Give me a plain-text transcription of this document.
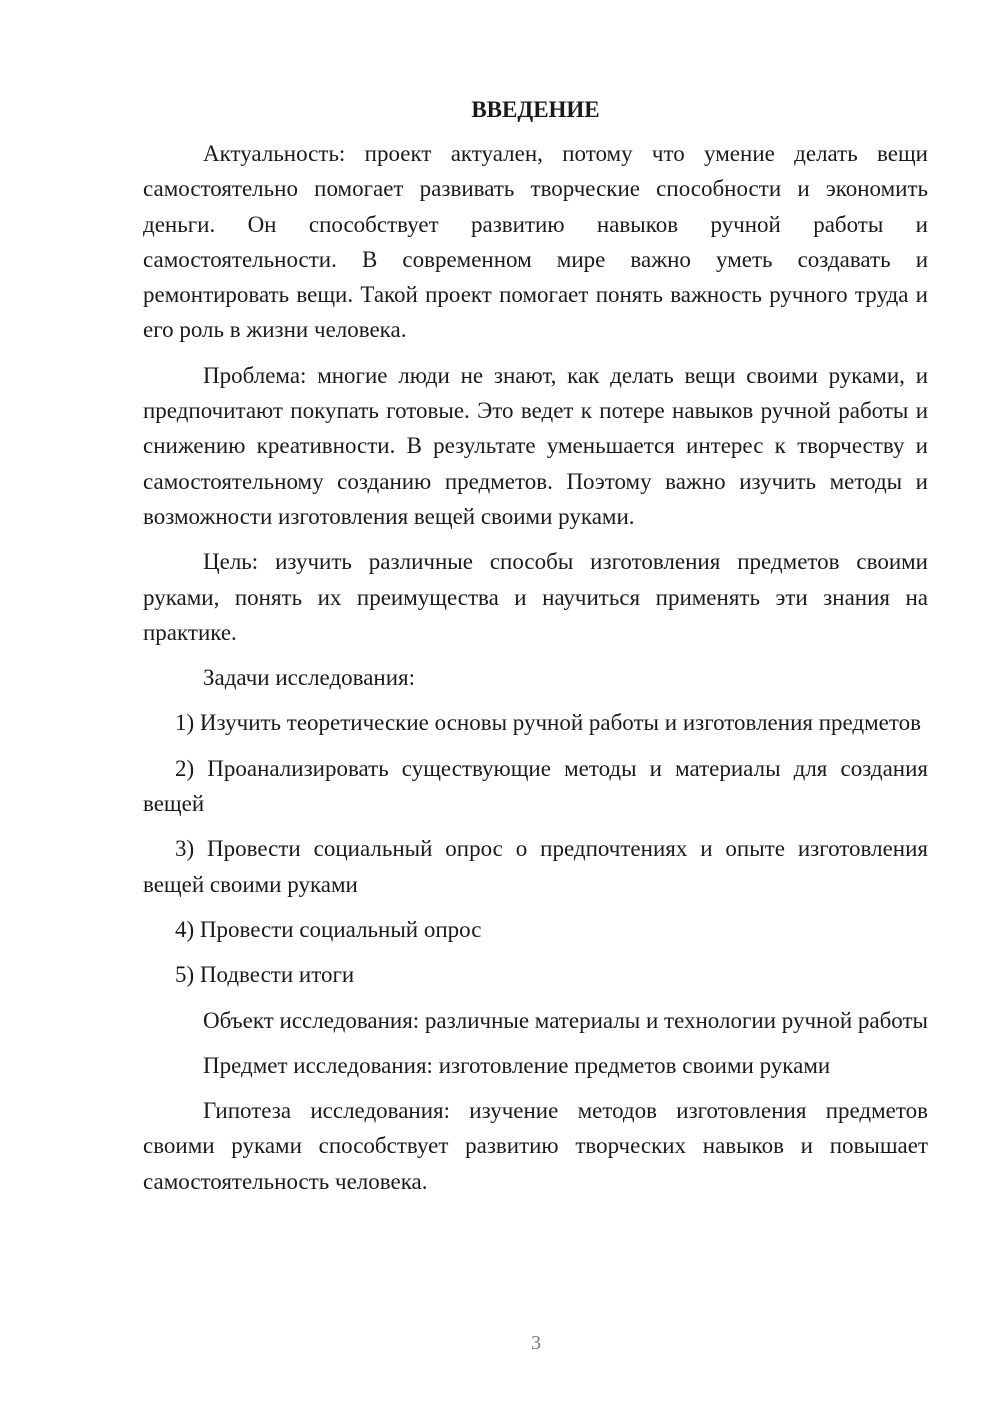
ВВЕДЕНИЕ

Актуальность: проект актуален, потому что умение делать вещи самостоятельно помогает развивать творческие способности и экономить деньги. Он способствует развитию навыков ручной работы и самостоятельности. В современном мире важно уметь создавать и ремонтировать вещи. Такой проект помогает понять важность ручного труда и его роль в жизни человека.

Проблема: многие люди не знают, как делать вещи своими руками, и предпочитают покупать готовые. Это ведет к потере навыков ручной работы и снижению креативности. В результате уменьшается интерес к творчеству и самостоятельному созданию предметов. Поэтому важно изучить методы и возможности изготовления вещей своими руками.

Цель: изучить различные способы изготовления предметов своими руками, понять их преимущества и научиться применять эти знания на практике.

Задачи исследования:

1) Изучить теоретические основы ручной работы и изготовления предметов

2) Проанализировать существующие методы и материалы для создания вещей

3) Провести социальный опрос о предпочтениях и опыте изготовления вещей своими руками

4) Провести социальный опрос

5) Подвести итоги

Объект исследования: различные материалы и технологии ручной работы

Предмет исследования: изготовление предметов своими руками

Гипотеза исследования: изучение методов изготовления предметов своими руками способствует развитию творческих навыков и повышает самостоятельность человека.

3
